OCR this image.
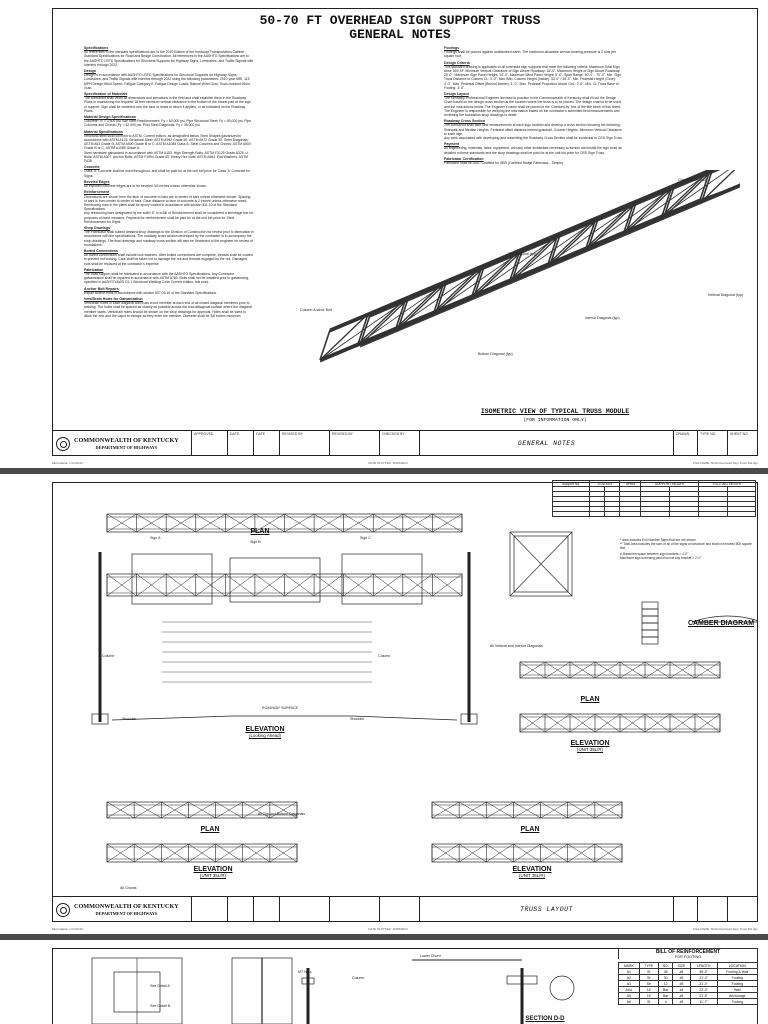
50-70 FT OVERHEAD SIGN SUPPORT TRUSS
GENERAL NOTES
Specifications

All references to the standard specifications are to the 2019 Edition of the Kentucky Transportation Cabinet Standard Specifications for Road and Bridge Construction. All references to the AASHTO Specifications are to the AASHTO LRFD Specifications for Structural Supports for Highway Signs, Luminaires, and Traffic Signals with Interims through 2022.

Design

Design is in accordance with AASHTO LRFD Specifications for Structural Supports for Highway Signs, Luminaires, and Traffic Signals with Interims through 2022 using the following parameters: 2010 year MRI, 115 MPH Design Wind Speed. Fatigue Category II. Fatigue Design Loads: Natural Wind Gust, Truck-Induced Wind Gust.

Specification of Materials

The contractor shall verify all dimensions and elevations in the field and shall establish them in the Roadway Plans in maintaining the required 18 feet minimum vertical clearance to the bottom of the lowest part of the sign or support. Sign shall be centered over the lane or lanes to which it applies, or as indicated on the Roadway Plans.

Material Design Specifications

Concrete: f'c = 3,500 psi. Bar Steel Reinforcement: Fy = 60,000 psi. Pipe Structural Steel: Fy = 50,000 psi. Pipe Columns and Chords: Fy = 42,000 psi. Post Steel Diagonals: Fy = 35,000 psi.

Material Specifications

Structural steel shall conform to ASTM. Current edition, as designated below. Steel Shapes galvanized in accordance with ASTM A123. Structural Steel: ASTM A992 Grade 50, ASTM A572 Grade 50. Steel Diagonals: ASTM A53 Grade B, ASTM A500 Grade B or C, ASTM A1085 Class A. Steel Columns and Chords: ASTM A500 Grade B or C, ASTM A1085 Grade A.

Steel hardware galvanized in accordance with ASTM A153. High Strength Bolts: ASTM F3125 Grade A325. U-Bolts: ASTM A307. Anchor Bolts: ASTM F1554 Grade 55. Heavy Hex Nuts: ASTM A563. Flat Washers: ASTM F436.

Concrete

Class 'A' Concrete shall be used throughout, and shall be paid for at the unit bid price for Class 'A' Concrete for Signs.

Beveled Edges

All exposed concrete edges are to be beveled 3/4 inches unless otherwise shown.

Reinforcement

Dimensions are shown from the face of concrete to bars are to center of bars unless otherwise shown. Spacing of bars is from center to center of bars. Clear distance to face of concrete is 2 inches unless otherwise noted. Reinforcing bars in the plans shall be epoxy coated in accordance with section 811.10 of the Standard Specifications.

Any reinforcing bars designated by the suffix 'E' in a Bill of Reinforcement shall be considered a shrinkage bar for purposes of bond measure. Payment for reinforcement shall be paid for at the unit bid price for Steel Reinforcement for Signs.

Shop Drawings

The Fabricator shall submit detailed shop drawings to the Division of Construction for review prior to fabrication in accordance with the specifications. The roadway cross section developed by the contractor is to accompany the shop drawings. The final drawings and roadway cross section will also be forwarded to the engineer for review of foundations.

Bolted Connections

All bolted connections shall include lock washers. After bolted connections are complete, threads shall be coated to prevent nut loosing. Care shall be taken not to damage the nut and threads engaged by the nut. Damaged nuts shall be replaced at the contractor's expense.

Fabrication

The truss support shall be fabricated in accordance with the AASHTO Specifications. Any Contractor galvanization shall be repaired in accordance with ASTM A780. Bolts shall not be installed prior to galvanizing, specified in AASHTO/AWS D1.1 Structural Welding Code Current edition, this work.

Anchor Bolt Repairs

Repair anchor bolts in accordance with section 697.03.15 of the Standard Specifications.

Vent/Drain Holes for Galvanization

Vent/drain holes in each diagonal and truss chord member at each end of all closed diagonal members prior to welding. The holes shall be spaced as closely as possible across the chord/diagonal surface where the diagonal member starts. Vent/drain holes should be shown on the shop drawings for approval. Holes shall be sized to allow the zinc and the vapor to escape as they enter the member. Diameter shall be 3/8 inches minimum.

Footings

Footings shall be poured against undisturbed earth. The maximum allowable service bearing pressure is 2 tons per square foot.

Design Criteria

This standard drawing is applicable to all overhead sign supports that meet the following criteria: Maximum Total Sign Area: 800 SF. Minimum Vertical Clearance of Sign Above Roadway: 18'-0". Maximum Height of Sign Above Roadway: 28'-0". Maximum Sign Panel Height: 14'-0". Maximum Wind Panel Height: 5'-6". Span Range: 50'-0" - 70'-0". Min. Sign Truss Distance to Column CL: 3'-0". Max./Min. Column Height (Inside): 33'-0" / 16'-0". Min. Pedestal Height (Gore): 4'-0". Max. Pedestal Offset (Behind Barrier): 1'-0". Max. Pedestal Projection Above Grd.: 2'-6". Min. CL Truss Base of Footing: 3'-0".

Design Layout

The Kentucky-Professional Engineer licensed to practice in the Commonwealth of Kentucky shall fill out the Design Chart based on the design cross section at the location where the truss is to be placed. The design chart is to be used, and the instructions below. The Engineer's name shall be placed in the 'Checked by' box of the title block of this sheet. The Engineer is responsible for verifying the information based on the contractor's submitted field measurements and reviewing the foundation shop drawings in detail.

Roadway Cross Section

The contractor shall take field measurements at each sign location and develop a cross section showing the following: Sidewalk and Median Heights, Pedestal offset distance behind guardrail, Column Heights, Minimum Vertical Clearance to each sign.

Any work associated with developing and submitting the Roadway Cross Section shall be incidental to OSS Sign Truss.

Payment

All engineering, materials, labor, equipment, and any other incidentals necessary to furnish and install the sign truss as detailed in these standards and the shop drawings shall be paid for at the unit bid price for OSS Sign Truss.

Fabricator Certification

Fabricator shall be AISC Certified for SBR (Certified Bridge Fabricator - Simple).

Chord Splice Bolt
Top Diagonal (typ)
Vertical Diagonal (typ)
Interior Diagonal (typ)
Bottom Diagonal (typ)
Column Anchor Bolt
ISOMETRIC VIEW OF TYPICAL TRUSS MODULE
(FOR INFORMATION ONLY)
COMMONWEALTH OF KENTUCKY
DEPARTMENT OF HIGHWAYS
APPROVED	DATE	DATE	REVISED BY	REVISED BY	CHECKED BY
GENERAL NOTES
DRAWN	TYPE NO.	SHEET NO.
Microstation v.10.00.00	DATE PLOTTED: 10/05/2023	FILE NAME: S010-Overhead Sign Truss Std.dgn
PLAN
ELEVATION
(Looking Ahead)
CAMBER DIAGRAM
PLAN
ELEVATION
(UNIT 35L/R)
PLAN
ELEVATION
(UNIT 35L/R)
PLAN
ELEVATION
(UNIT 35L/R)
ROADWAY SURFACE
Shoulder	Shoulder
Column	Column
Sign A
Sign B
Sign C
All Vertical and Interior Diagonals
All Chords
All Top and Bottom Diagonals

* Area includes Exit Number Signs that are not shown

** Total Area includes the sum of all of the signs on structure and shall not exceed 800 square feet

# Maximum space between sign brackets = 4'-0"

Maximum sign overhang past chord at any bracket = 2'-0"

Support No.	STATION		SPAN	SUPPORT HEIGHT		FOOTING HEIGHT	

COMMONWEALTH OF KENTUCKY
DEPARTMENT OF HIGHWAYS	TRUSS LAYOUT
Microstation v.10.00.00	DATE PLOTTED: 10/05/2023	FILE NAME: S010-Overhead Sign Truss Std.dgn
Lower Chord
Column
See Detail A
See Detail B
MT Nuts
SECTION D-D
BILL OF REINFORCEMENT
FOR FOOTING
MARK	TYPE	NO.	SIZE	LENGTH	LOCATION
A1	St	48	#8	36'-0"	Footing & Wall
A2	St	30	#5	21'-4"	Footing
A3	Str	12	#5	21'-4"	Footing
A4U	15	Bar	#4	23'-4"	Wall
A5	15	Bar	#5	21'-5"	Anchorage
A6	St	4	#5	11'-7"	Footing
